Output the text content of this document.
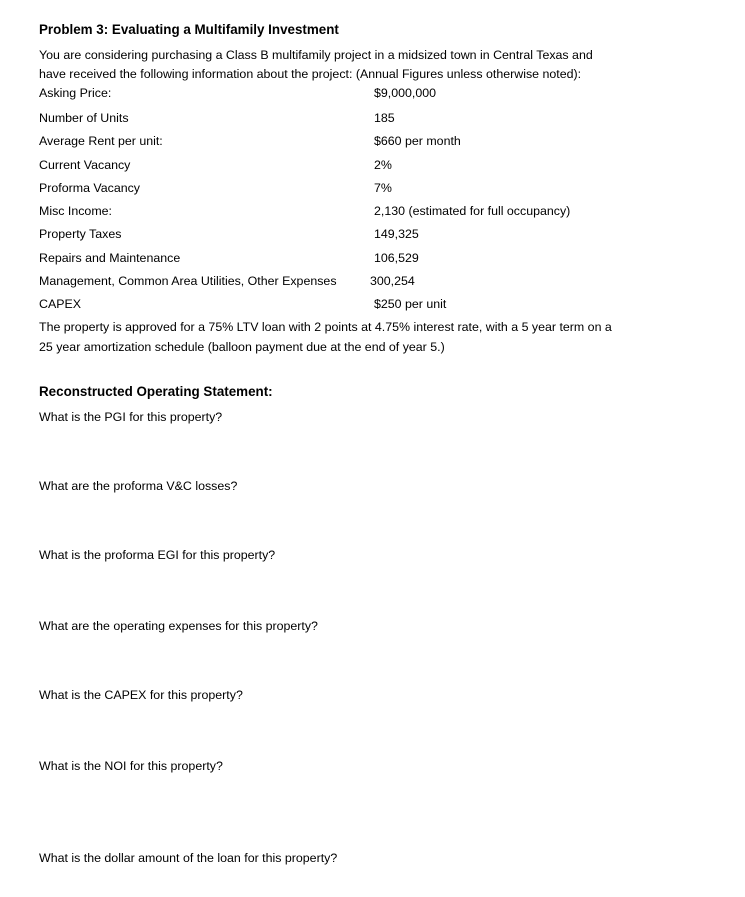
Problem 3: Evaluating a Multifamily Investment
You are considering purchasing a Class B multifamily project in a midsized town in Central Texas and
have received the following information about the project: (Annual Figures unless otherwise noted):
Asking Price:	$9,000,000
Number of Units	185
Average Rent per unit:	$660 per month
Current Vacancy	2%
Proforma Vacancy	7%
Misc Income:	2,130 (estimated for full occupancy)
Property Taxes	149,325
Repairs and Maintenance	106,529
Management, Common Area Utilities, Other Expenses	300,254
CAPEX	$250 per unit
The property is approved for a 75% LTV loan with 2 points at 4.75% interest rate, with a 5 year term on a
25 year amortization schedule (balloon payment due at the end of year 5.)
Reconstructed Operating Statement:
What is the PGI for this property?
What are the proforma V&C losses?
What is the proforma EGI for this property?
What are the operating expenses for this property?
What is the CAPEX for this property?
What is the NOI for this property?
What is the dollar amount of the loan for this property?
